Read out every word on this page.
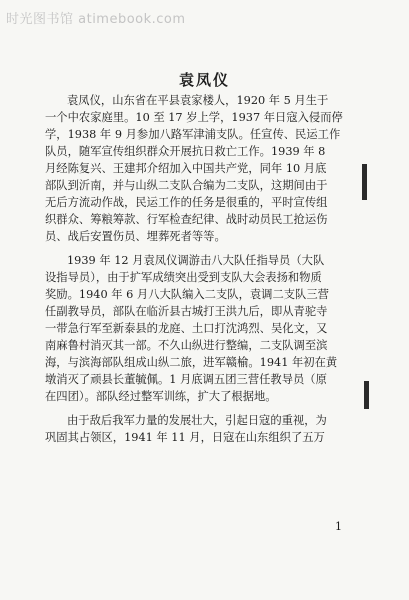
时光图书馆 atimebook.com
袁凤仪
袁凤仪，山东省在平县袁家楼人，1920 年 5 月生于
一个中农家庭里。10 至 17 岁上学，1937 年日寇入侵而停
学，1938 年 9 月参加八路军津浦支队。任宣传、民运工作
队员，随军宣传组织群众开展抗日救亡工作。1939 年 8
月经陈复兴、王建邦介绍加入中国共产党，同年 10 月底
部队到沂南，并与山纵二支队合编为二支队，这期间由于
无后方流动作战，民运工作的任务是很重的，平时宣传组
织群众、筹粮筹款、行军检查纪律、战时动员民工抢运伤
员、战后安置伤员、埋葬死者等等。
1939 年 12 月袁凤仪调游击八大队任指导员（大队
设指导员），由于扩军成绩突出受到支队大会表扬和物质
奖励。1940 年 6 月八大队编入二支队，袁调二支队三营
任副教导员，部队在临沂县古城打王洪九后，即从青驼寺
一带急行军至新泰县的龙庭、土口打沈鸿烈、吴化文，又
南麻鲁村消灭其一部。不久山纵进行整编，二支队调至滨
海，与滨海部队组成山纵二旅，进军赣榆。1941 年初在黄
墩消灭了顽县长董毓佩。1 月底调五团三营任教导员（原
在四团）。部队经过整军训练，扩大了根据地。
由于敌后我军力量的发展壮大，引起日寇的重视，为
巩固其占领区，1941 年 11 月，日寇在山东组织了五万
1
